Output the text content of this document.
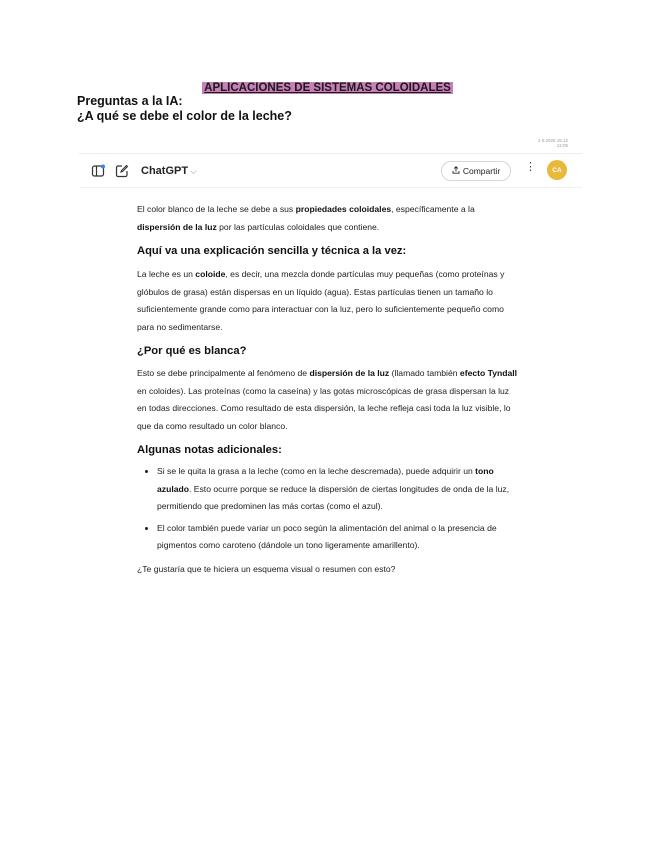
APLICACIONES DE SISTEMAS COLOIDALES
Preguntas a la IA:
¿A qué se debe el color de la leche?
1 0 2025 15:12
12:05
ChatGPT ⌵	Compartir ⋮	CA

El color blanco de la leche se debe a sus propiedades coloidales, específicamente a la dispersión de la luz por las partículas coloidales que contiene.

Aquí va una explicación sencilla y técnica a la vez:

La leche es un coloide, es decir, una mezcla donde partículas muy pequeñas (como proteínas y glóbulos de grasa) están dispersas en un líquido (agua). Estas partículas tienen un tamaño lo suficientemente grande como para interactuar con la luz, pero lo suficientemente pequeño como para no sedimentarse.

¿Por qué es blanca?

Esto se debe principalmente al fenómeno de dispersión de la luz (llamado también efecto Tyndall en coloides). Las proteínas (como la caseína) y las gotas microscópicas de grasa dispersan la luz en todas direcciones. Como resultado de esta dispersión, la leche refleja casi toda la luz visible, lo que da como resultado un color blanco.

Algunas notas adicionales:
• Si se le quita la grasa a la leche (como en la leche descremada), puede adquirir un tono azulado. Esto ocurre porque se reduce la dispersión de ciertas longitudes de onda de la luz, permitiendo que predominen las más cortas (como el azul).
• El color también puede variar un poco según la alimentación del animal o la presencia de pigmentos como caroteno (dándole un tono ligeramente amarillento).

¿Te gustaría que te hiciera un esquema visual o resumen con esto?
